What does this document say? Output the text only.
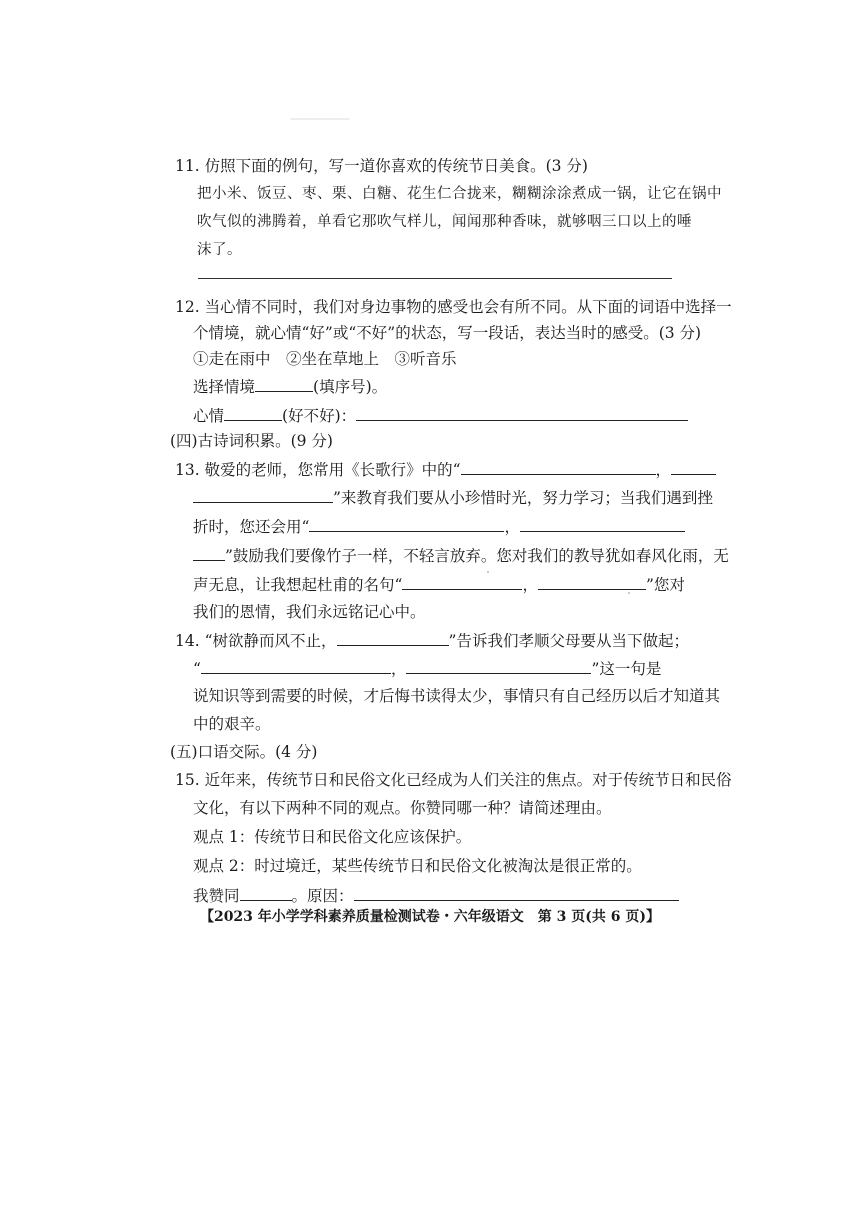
11. 仿照下面的例句，写一道你喜欢的传统节日美食。(3 分)
把小米、饭豆、枣、栗、白糖、花生仁合拢来，糊糊涂涂煮成一锅，让它在锅中
吹气似的沸腾着，单看它那吹气样儿，闻闻那种香味，就够咽三口以上的唾
沫了。
12. 当心情不同时，我们对身边事物的感受也会有所不同。从下面的词语中选择一
个情境，就心情“好”或“不好”的状态，写一段话，表达当时的感受。(3 分)
①走在雨中　②坐在草地上　③听音乐
选择情境	(填序号)。
心情	(好不好)：
(四)古诗词积累。(9 分)
13. 敬爱的老师，您常用《长歌行》中的“	，
”来教育我们要从小珍惜时光，努力学习；当我们遇到挫
折时，您还会用“	，
”鼓励我们要像竹子一样，不轻言放弃。您对我们的教导犹如春风化雨，无
声无息，让我想起杜甫的名句“	，	”您对
我们的恩情，我们永远铭记心中。
14. “树欲静而风不止，	”告诉我们孝顺父母要从当下做起；
“	，	”这一句是
说知识等到需要的时候，才后悔书读得太少，事情只有自己经历以后才知道其
中的艰辛。
(五)口语交际。(4 分)
15. 近年来，传统节日和民俗文化已经成为人们关注的焦点。对于传统节日和民俗
文化，有以下两种不同的观点。你赞同哪一种？请简述理由。
观点 1：传统节日和民俗文化应该保护。
观点 2：时过境迁，某些传统节日和民俗文化被淘汰是很正常的。
我赞同	。原因：
【2023 年小学学科素养质量检测试卷・六年级语文　第 3 页(共 6 页)】
